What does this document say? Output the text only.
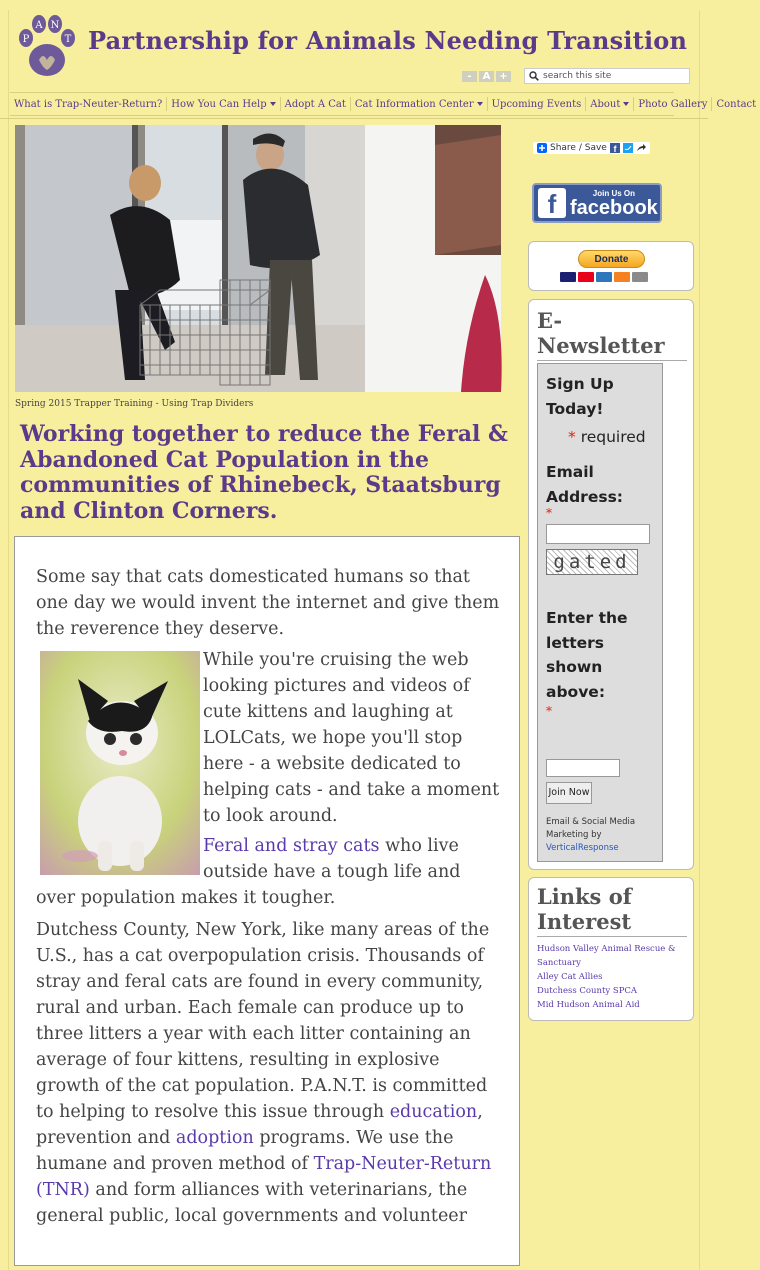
P
A N
T Partnership for Animals Needing Transition
-	A +
search this site
What is Trap-Neuter-Return? How You Can Help Adopt A Cat Cat Information Center Upcoming Events About Photo Gallery Contact
Spring 2015 Trapper Training - Using Trap Dividers
Working together to reduce the Feral & Abandoned Cat Population in the communities of Rhinebeck, Staatsburg and Clinton Corners.

Some say that cats domesticated humans so that one day we would invent the internet and give them the reverence they deserve.

While you're cruising the web looking pictures and videos of cute kittens and laughing at LOLCats, we hope you'll stop here - a website dedicated to helping cats - and take a moment to look around.

Feral and stray cats who live outside have a tough life and

over population makes it tougher.

Dutchess County, New York, like many areas of the U.S., has a cat overpopulation crisis. Thousands of stray and feral cats are found in every community, rural and urban. Each female can produce up to three litters a year with each litter containing an average of four kittens, resulting in explosive growth of the cat population. P.A.N.T. is committed to helping to resolve this issue through education, prevention and adoption programs. We use the humane and proven method of Trap-Neuter-Return (TNR) and form alliances with veterinarians, the general public, local governments and volunteer

Share / Save f
f	Join Us On
facebook
Donate
E-Newsletter
Sign Up Today!
* required
Email Address:
*
gated
Enter the letters shown above:
*
Join Now
Email & Social Media Marketing by
VerticalResponse
Links of Interest
Hudson Valley Animal Rescue & Sanctuary
Alley Cat Allies
Dutchess County SPCA
Mid Hudson Animal Aid
